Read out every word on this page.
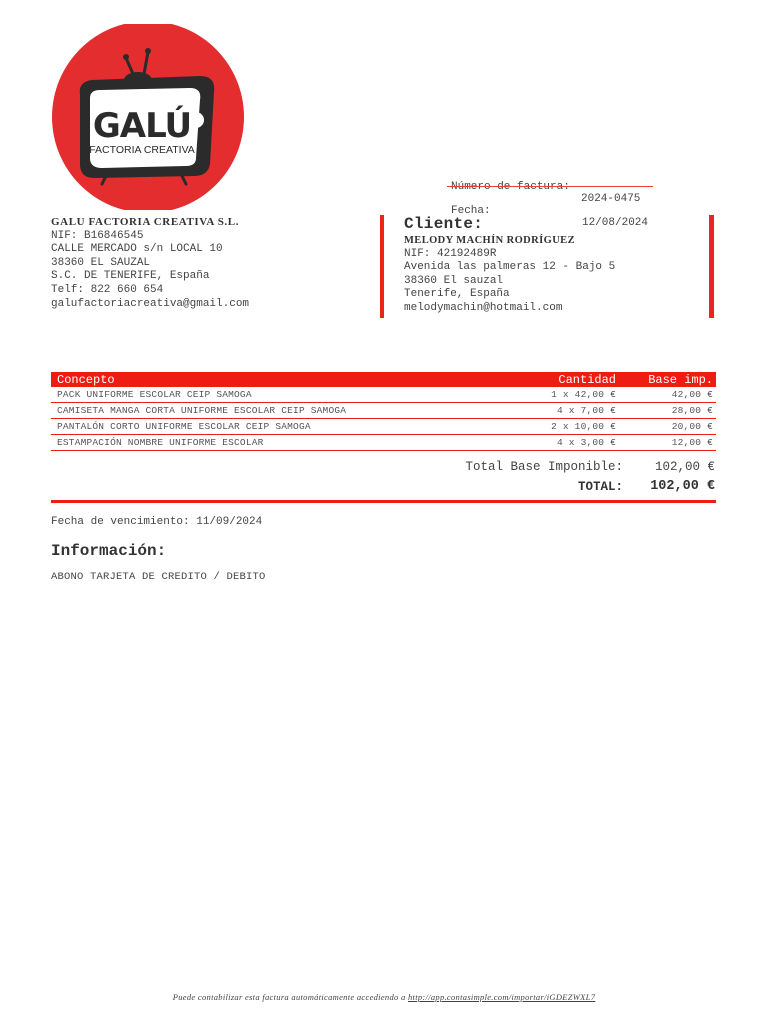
GALÚ
FACTORIA CREATIVA

Número de factura:

2024-0475

Fecha:

12/08/2024

GALU FACTORIA CREATIVA S.L.
NIF: B16846545
CALLE MERCADO s/n LOCAL 10
38360 EL SAUZAL
S.C. DE TENERIFE, España
Telf: 822 660 654
galufactoriacreativa@gmail.com
Cliente:
MELODY MACHÍN RODRÍGUEZ
NIF: 42192489R
Avenida las palmeras 12 - Bajo 5
38360 El sauzal
Tenerife, España
melodymachin@hotmail.com
Concepto	Cantidad	Base imp.
PACK UNIFORME ESCOLAR CEIP SAMOGA	1 x 42,00 €	42,00 €
CAMISETA MANGA CORTA UNIFORME ESCOLAR CEIP SAMOGA	4 x 7,00 €	28,00 €
PANTALÓN CORTO UNIFORME ESCOLAR CEIP SAMOGA	2 x 10,00 €	20,00 €
ESTAMPACIÓN NOMBRE UNIFORME ESCOLAR	4 x 3,00 €	12,00 €
Total Base Imponible:	102,00 €
TOTAL: 102,00 €
Fecha de vencimiento: 11/09/2024
Información:
ABONO TARJETA DE CREDITO / DEBITO
Puede contabilizar esta factura automáticamente accediendo a http://app.contasimple.com/importar/iGDEZWXL7
